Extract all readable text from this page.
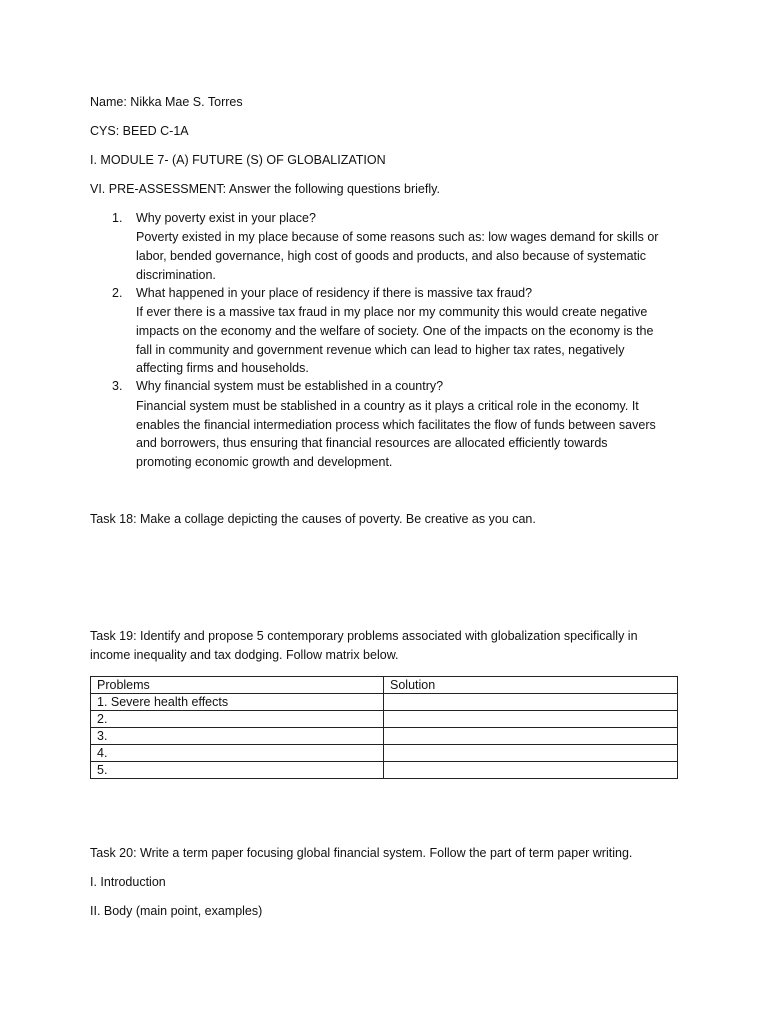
Name: Nikka Mae S. Torres
CYS: BEED C-1A
I. MODULE 7- (A) FUTURE (S) OF GLOBALIZATION
VI. PRE-ASSESSMENT: Answer the following questions briefly.
1. Why poverty exist in your place?
Poverty existed in my place because of some reasons such as: low wages demand for skills or
labor, bended governance, high cost of goods and products, and also because of systematic
discrimination.
2. What happened in your place of residency if there is massive tax fraud?
If ever there is a massive tax fraud in my place nor my community this would create negative
impacts on the economy and the welfare of society. One of the impacts on the economy is the
fall in community and government revenue which can lead to higher tax rates, negatively
affecting firms and households.
3. Why financial system must be established in a country?
Financial system must be stablished in a country as it plays a critical role in the economy. It
enables the financial intermediation process which facilitates the flow of funds between savers
and borrowers, thus ensuring that financial resources are allocated efficiently towards
promoting economic growth and development.
Task 18: Make a collage depicting the causes of poverty. Be creative as you can.
Task 19: Identify and propose 5 contemporary problems associated with globalization specifically in
income inequality and tax dodging. Follow matrix below.
Problems	Solution
1. Severe health effects	
2.	
3.	
4.	
5.	
Task 20: Write a term paper focusing global financial system. Follow the part of term paper writing.
I. Introduction
II. Body (main point, examples)
